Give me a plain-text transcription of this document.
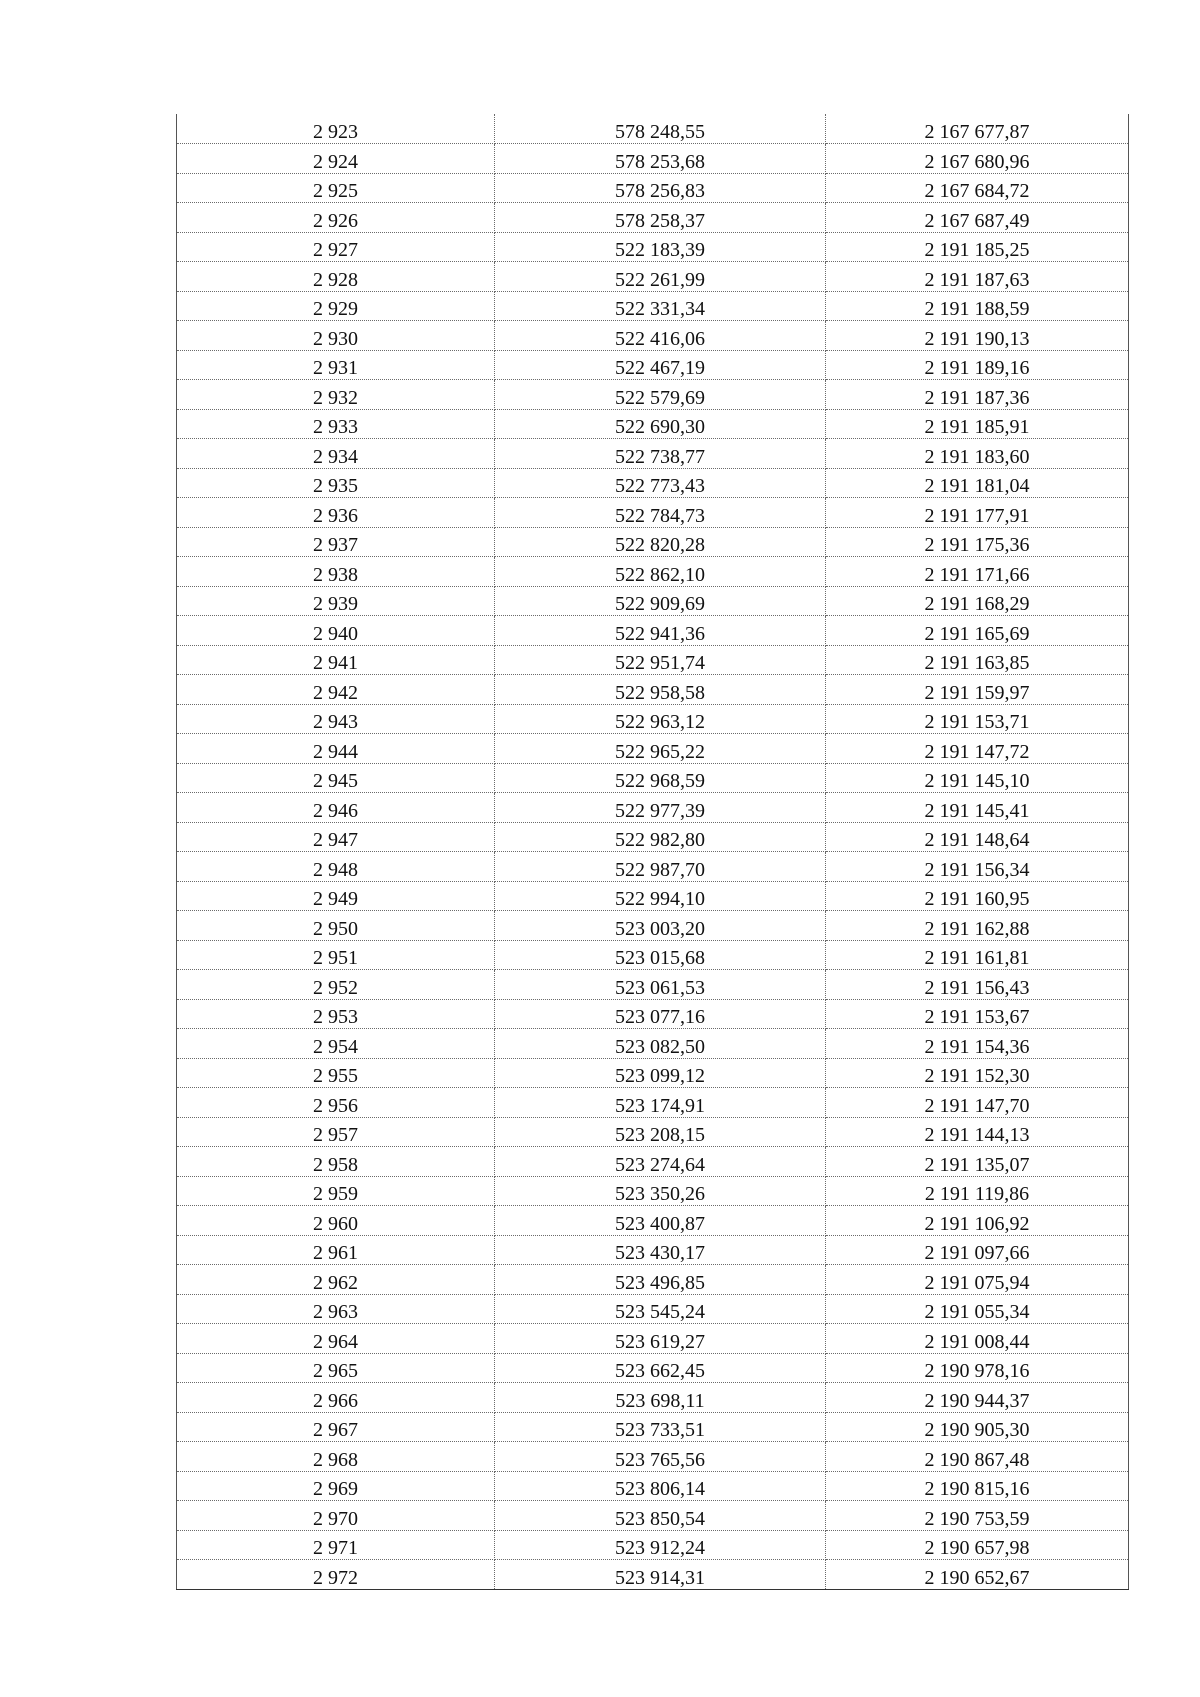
2 923	578 248,55	2 167 677,87
2 924	578 253,68	2 167 680,96
2 925	578 256,83	2 167 684,72
2 926	578 258,37	2 167 687,49
2 927	522 183,39	2 191 185,25
2 928	522 261,99	2 191 187,63
2 929	522 331,34	2 191 188,59
2 930	522 416,06	2 191 190,13
2 931	522 467,19	2 191 189,16
2 932	522 579,69	2 191 187,36
2 933	522 690,30	2 191 185,91
2 934	522 738,77	2 191 183,60
2 935	522 773,43	2 191 181,04
2 936	522 784,73	2 191 177,91
2 937	522 820,28	2 191 175,36
2 938	522 862,10	2 191 171,66
2 939	522 909,69	2 191 168,29
2 940	522 941,36	2 191 165,69
2 941	522 951,74	2 191 163,85
2 942	522 958,58	2 191 159,97
2 943	522 963,12	2 191 153,71
2 944	522 965,22	2 191 147,72
2 945	522 968,59	2 191 145,10
2 946	522 977,39	2 191 145,41
2 947	522 982,80	2 191 148,64
2 948	522 987,70	2 191 156,34
2 949	522 994,10	2 191 160,95
2 950	523 003,20	2 191 162,88
2 951	523 015,68	2 191 161,81
2 952	523 061,53	2 191 156,43
2 953	523 077,16	2 191 153,67
2 954	523 082,50	2 191 154,36
2 955	523 099,12	2 191 152,30
2 956	523 174,91	2 191 147,70
2 957	523 208,15	2 191 144,13
2 958	523 274,64	2 191 135,07
2 959	523 350,26	2 191 119,86
2 960	523 400,87	2 191 106,92
2 961	523 430,17	2 191 097,66
2 962	523 496,85	2 191 075,94
2 963	523 545,24	2 191 055,34
2 964	523 619,27	2 191 008,44
2 965	523 662,45	2 190 978,16
2 966	523 698,11	2 190 944,37
2 967	523 733,51	2 190 905,30
2 968	523 765,56	2 190 867,48
2 969	523 806,14	2 190 815,16
2 970	523 850,54	2 190 753,59
2 971	523 912,24	2 190 657,98
2 972	523 914,31	2 190 652,67
